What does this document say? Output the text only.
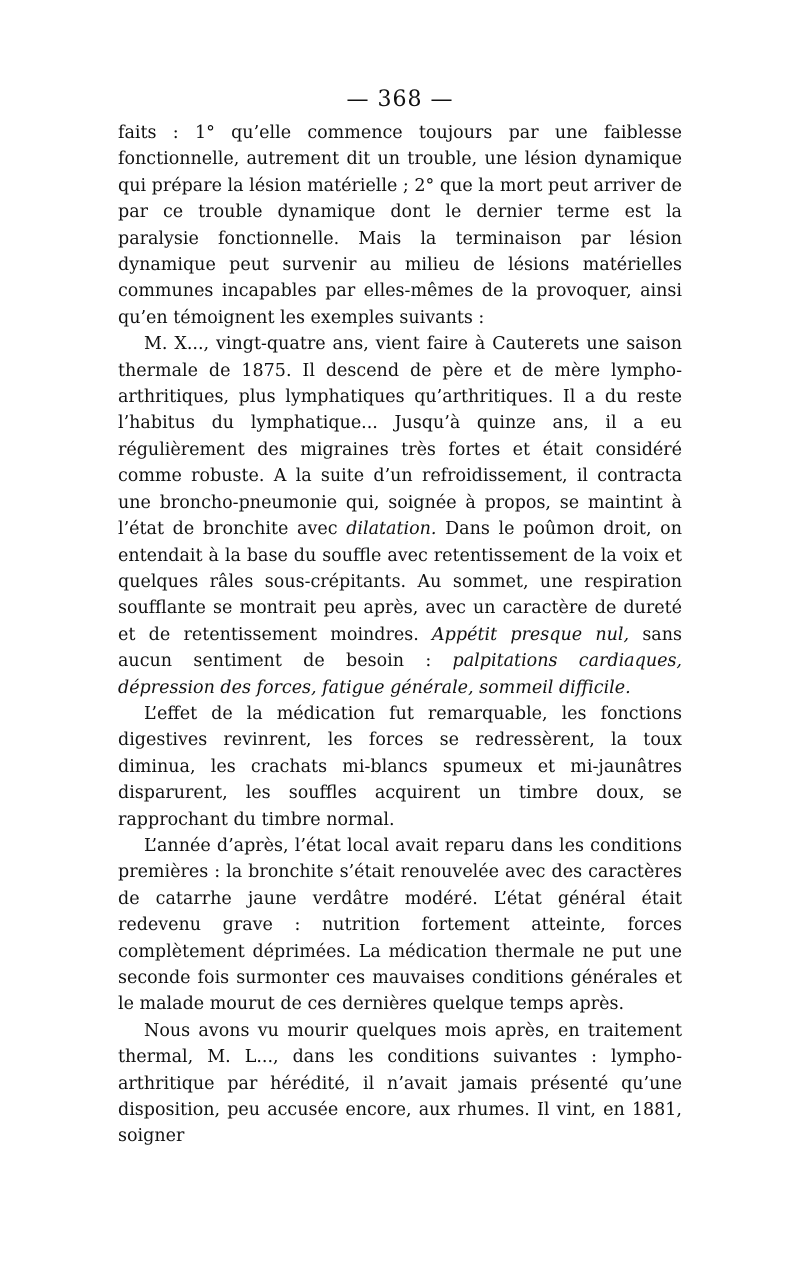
— 368 —

faits : 1° qu’elle commence toujours par une faiblesse fonctionnelle, autrement dit un trouble, une lésion dynamique qui prépare la lésion matérielle ; 2° que la mort peut arriver de par ce trouble dynamique dont le dernier terme est la paralysie fonctionnelle. Mais la terminaison par lésion dynamique peut survenir au milieu de lésions matérielles communes incapables par elles-mêmes de la provoquer, ainsi qu’en témoignent les exemples suivants :

M. X..., vingt-quatre ans, vient faire à Cauterets une saison thermale de 1875. Il descend de père et de mère lympho-arthritiques, plus lymphatiques qu’arthritiques. Il a du reste l’habitus du lymphatique... Jusqu’à quinze ans, il a eu régulièrement des migraines très fortes et était considéré comme robuste. A la suite d’un refroidissement, il contracta une broncho-pneumonie qui, soignée à propos, se maintint à l’état de bronchite avec dilatation. Dans le poûmon droit, on entendait à la base du souffle avec retentissement de la voix et quelques râles sous-crépitants. Au sommet, une respiration soufflante se montrait peu après, avec un caractère de dureté et de retentissement moindres. Appétit presque nul, sans aucun sentiment de besoin : palpitations cardiaques, dépression des forces, fatigue générale, sommeil difficile.

L’effet de la médication fut remarquable, les fonctions digestives revinrent, les forces se redressèrent, la toux diminua, les crachats mi-blancs spumeux et mi-jaunâtres disparurent, les souffles acquirent un timbre doux, se rapprochant du timbre normal.

L’année d’après, l’état local avait reparu dans les conditions premières : la bronchite s’était renouvelée avec des caractères de catarrhe jaune verdâtre modéré. L’état général était redevenu grave : nutrition fortement atteinte, forces complètement déprimées. La médication thermale ne put une seconde fois surmonter ces mauvaises conditions générales et le malade mourut de ces dernières quelque temps après.

Nous avons vu mourir quelques mois après, en traitement thermal, M. L..., dans les conditions suivantes : lympho-arthritique par hérédité, il n’avait jamais présenté qu’une disposition, peu accusée encore, aux rhumes. Il vint, en 1881, soigner
